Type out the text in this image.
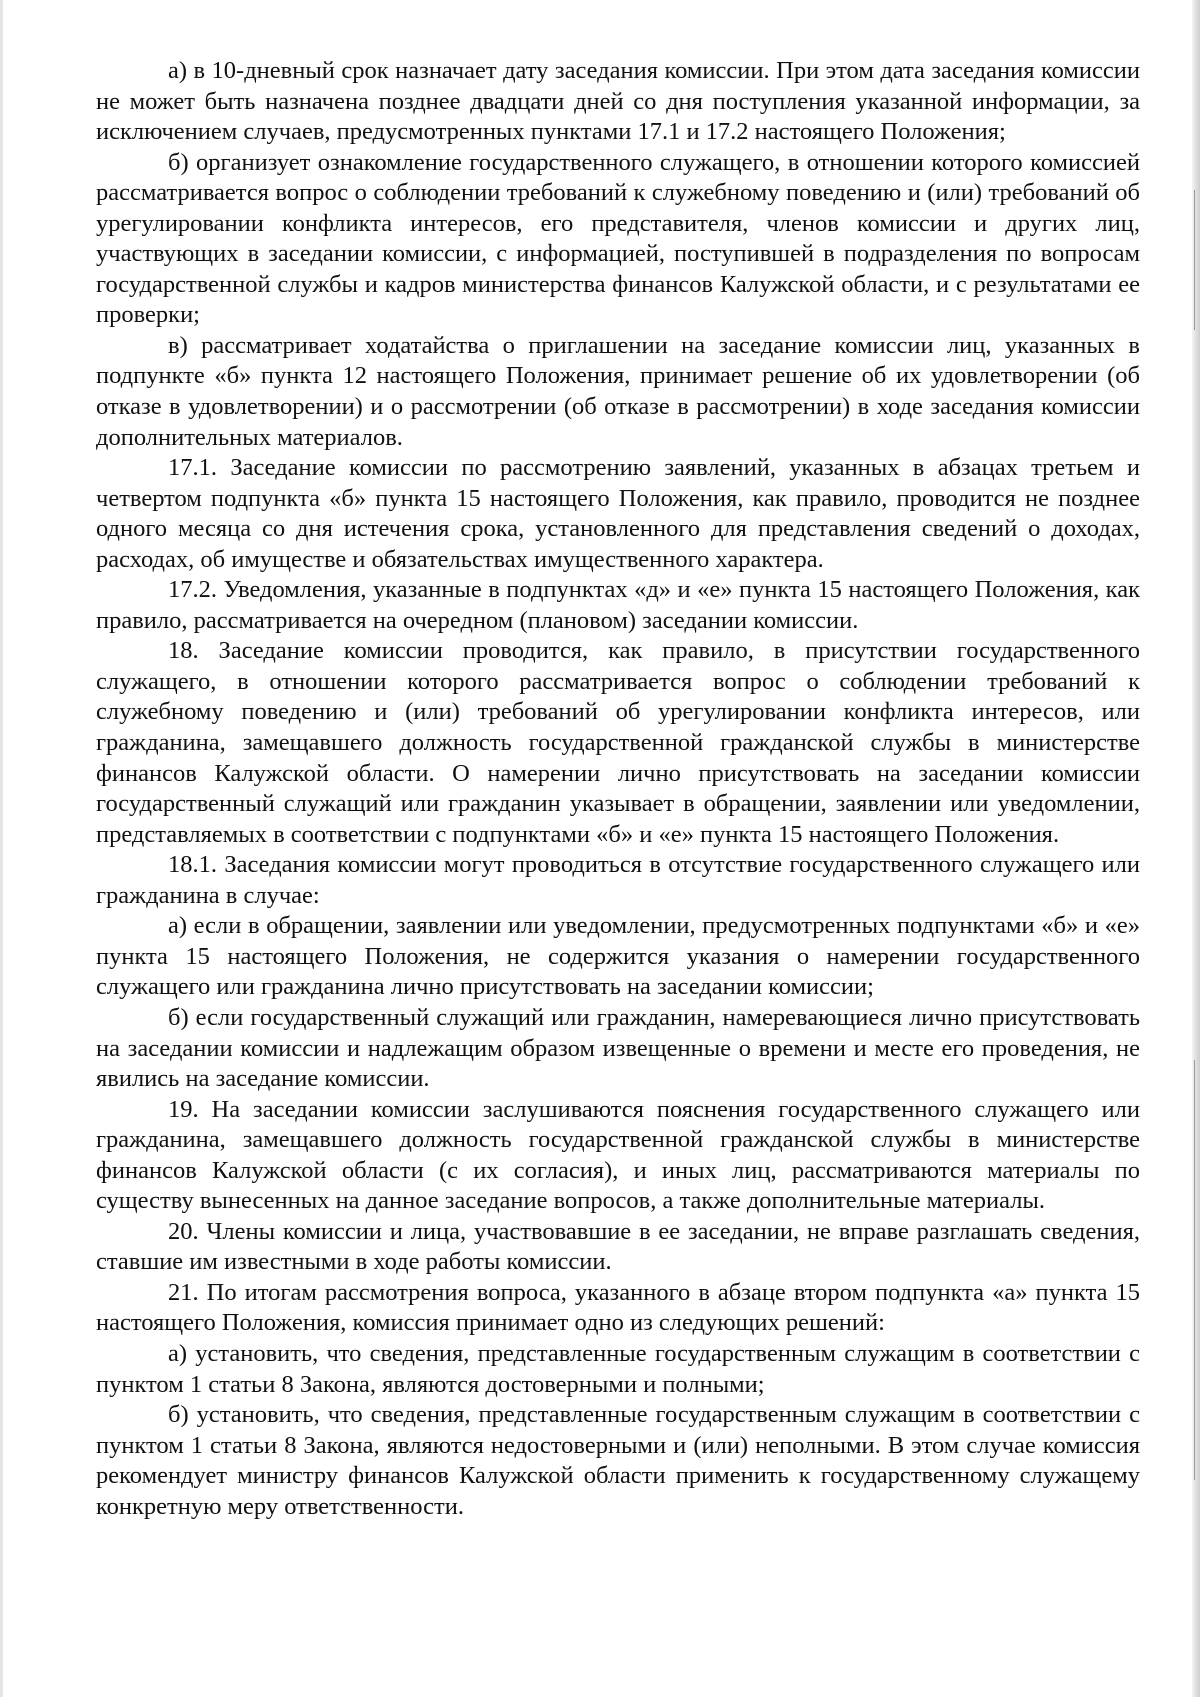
а) в 10-дневный срок назначает дату заседания комиссии. При этом дата заседания комиссии не может быть назначена позднее двадцати дней со дня поступления указанной информации, за исключением случаев, предусмотренных пунктами 17.1 и 17.2 настоящего Положения;

б) организует ознакомление государственного служащего, в отношении которого комиссией рассматривается вопрос о соблюдении требований к служебному поведению и (или) требований об урегулировании конфликта интересов, его представителя, членов комиссии и других лиц, участвующих в заседании комиссии, с информацией, поступившей в подразделения по вопросам государственной службы и кадров министерства финансов Калужской области, и с результатами ее проверки;

в) рассматривает ходатайства о приглашении на заседание комиссии лиц, указанных в подпункте «б» пункта 12 настоящего Положения, принимает решение об их удовлетворении (об отказе в удовлетворении) и о рассмотрении (об отказе в рассмотрении) в ходе заседания комиссии дополнительных материалов.

17.1. Заседание комиссии по рассмотрению заявлений, указанных в абзацах третьем и четвертом подпункта «б» пункта 15 настоящего Положения, как правило, проводится не позднее одного месяца со дня истечения срока, установленного для представления сведений о доходах, расходах, об имуществе и обязательствах имущественного характера.

17.2. Уведомления, указанные в подпунктах «д» и «е» пункта 15 настоящего Положения, как правило, рассматривается на очередном (плановом) заседании комиссии.

18. Заседание комиссии проводится, как правило, в присутствии государственного служащего, в отношении которого рассматривается вопрос о соблюдении требований к служебному поведению и (или) требований об урегулировании конфликта интересов, или гражданина, замещавшего должность государственной гражданской службы в министерстве финансов Калужской области. О намерении лично присутствовать на заседании комиссии государственный служащий или гражданин указывает в обращении, заявлении или уведомлении, представляемых в соответствии с подпунктами «б» и «е» пункта 15 настоящего Положения.

18.1. Заседания комиссии могут проводиться в отсутствие государственного служащего или гражданина в случае:

а) если в обращении, заявлении или уведомлении, предусмотренных подпунктами «б» и «е» пункта 15 настоящего Положения, не содержится указания о намерении государственного служащего или гражданина лично присутствовать на заседании комиссии;

б) если государственный служащий или гражданин, намеревающиеся лично присутствовать на заседании комиссии и надлежащим образом извещенные о времени и месте его проведения, не явились на заседание комиссии.

19. На заседании комиссии заслушиваются пояснения государственного служащего или гражданина, замещавшего должность государственной гражданской службы в министерстве финансов Калужской области (с их согласия), и иных лиц, рассматриваются материалы по существу вынесенных на данное заседание вопросов, а также дополнительные материалы.

20. Члены комиссии и лица, участвовавшие в ее заседании, не вправе разглашать сведения, ставшие им известными в ходе работы комиссии.

21. По итогам рассмотрения вопроса, указанного в абзаце втором подпункта «а» пункта 15 настоящего Положения, комиссия принимает одно из следующих решений:

а) установить, что сведения, представленные государственным служащим в соответствии с пунктом 1 статьи 8 Закона, являются достоверными и полными;

б) установить, что сведения, представленные государственным служащим в соответствии с пунктом 1 статьи 8 Закона, являются недостоверными и (или) неполными. В этом случае комиссия рекомендует министру финансов Калужской области применить к государственному служащему конкретную меру ответственности.
